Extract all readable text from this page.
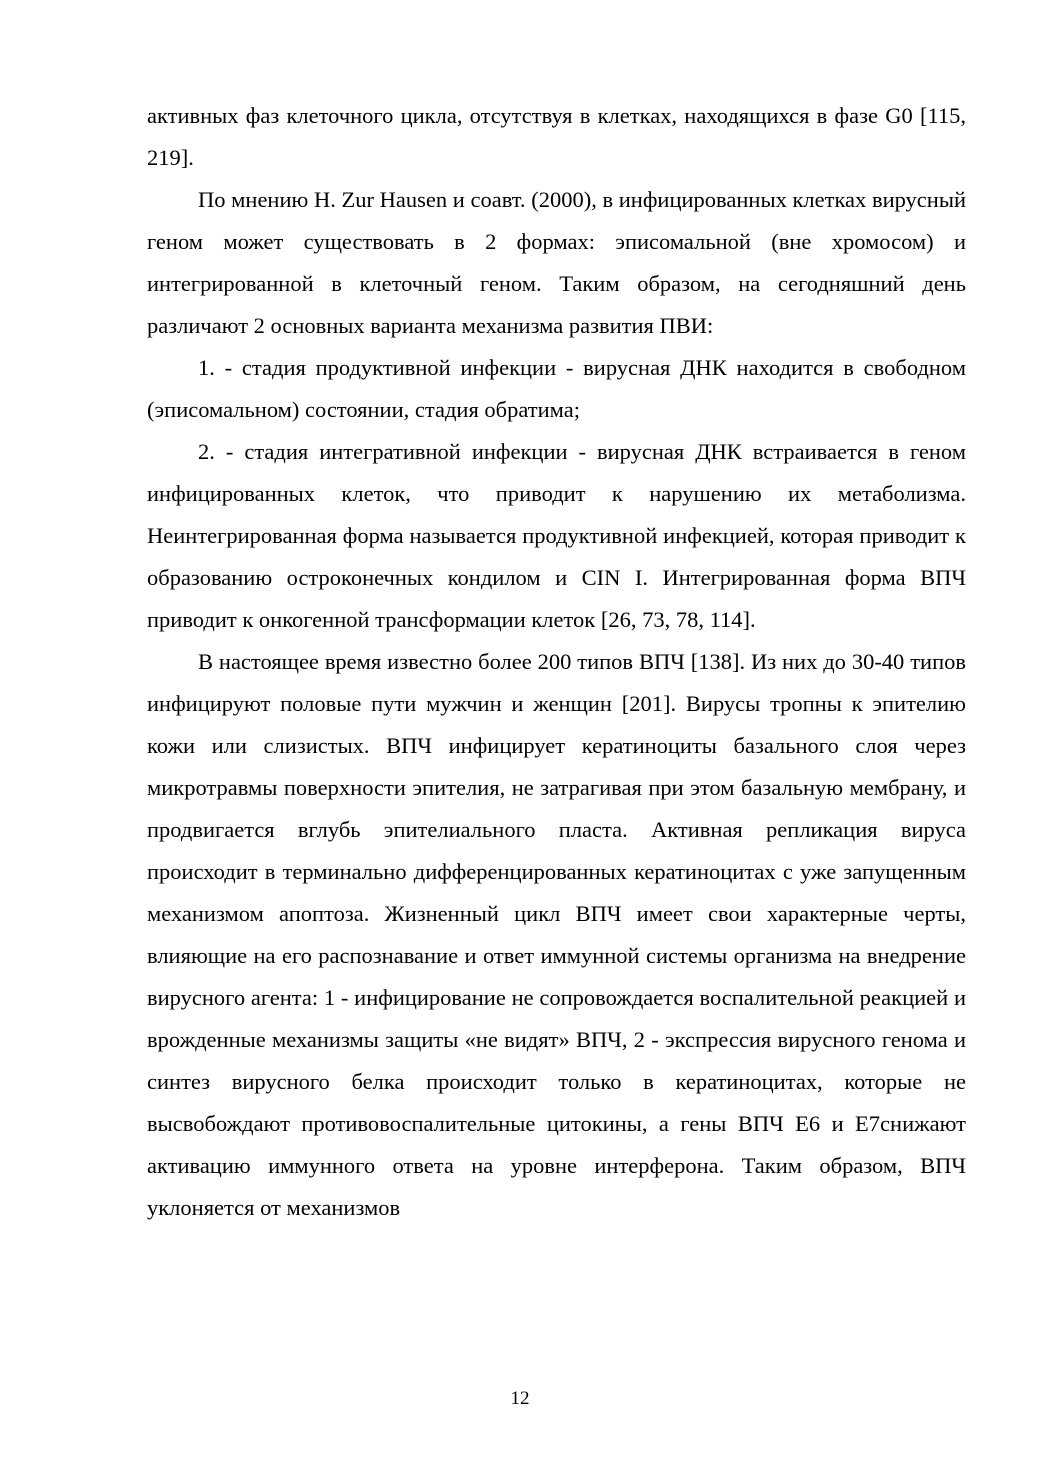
активных фаз клеточного цикла, отсутствуя в клетках, находящихся в фазе G0 [115, 219].

По мнению H. Zur Hausen и соавт. (2000), в инфицированных клетках вирусный геном может существовать в 2 формах: эписомальной (вне хромосом) и интегрированной в клеточный геном. Таким образом, на сегодняшний день различают 2 основных варианта механизма развития ПВИ:

1. - стадия продуктивной инфекции - вирусная ДНК находится в свободном (эписомальном) состоянии, стадия обратима;

2. - стадия интегративной инфекции - вирусная ДНК встраивается в геном инфицированных клеток, что приводит к нарушению их метаболизма. Неинтегрированная форма называется продуктивной инфекцией, которая приводит к образованию остроконечных кондилом и CIN I. Интегрированная форма ВПЧ приводит к онкогенной трансформации клеток [26, 73, 78, 114].

В настоящее время известно более 200 типов ВПЧ [138]. Из них до 30-40 типов инфицируют половые пути мужчин и женщин [201]. Вирусы тропны к эпителию кожи или слизистых. ВПЧ инфицирует кератиноциты базального слоя через микротравмы поверхности эпителия, не затрагивая при этом базальную мембрану, и продвигается вглубь эпителиального пласта. Активная репликация вируса происходит в терминально дифференцированных кератиноцитах с уже запущенным механизмом апоптоза. Жизненный цикл ВПЧ имеет свои характерные черты, влияющие на его распознавание и ответ иммунной системы организма на внедрение вирусного агента: 1 - инфицирование не сопровождается воспалительной реакцией и врожденные механизмы защиты «не видят» ВПЧ, 2 - экспрессия вирусного генома и синтез вирусного белка происходит только в кератиноцитах, которые не высвобождают противовоспалительные цитокины, а гены ВПЧ Е6 и Е7снижают активацию иммунного ответа на уровне интерферона. Таким образом, ВПЧ уклоняется от механизмов

12
